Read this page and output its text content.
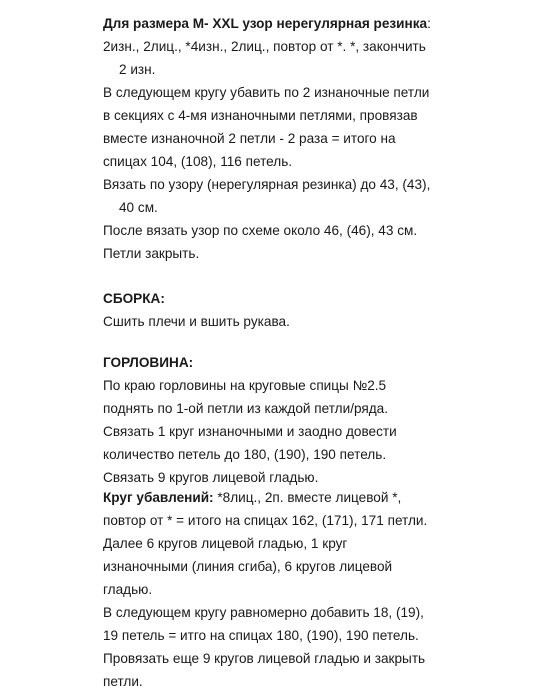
Для размера М- XXL узор нерегулярная резинка:
2изн., 2лиц., *4изн., 2лиц., повтор от *. *, закончить
2 изн.
В следующем кругу убавить по 2 изнаночные петли
в секциях с 4-мя изнаночными петлями, провязав
вместе изнаночной 2 петли - 2 раза = итого на
спицах 104, (108), 116 петель.
Вязать по узору (нерегулярная резинка) до 43, (43),
40 см.
После вязать узор по схеме около 46, (46), 43 см.
Петли закрыть.
СБОРКА:
Сшить плечи и вшить рукава.
ГОРЛОВИНА:
По краю горловины на круговые спицы №2.5
поднять по 1-ой петли из каждой петли/ряда.
Связать 1 круг изнаночными и заодно довести
количество петель до 180, (190), 190 петель.
Связать 9 кругов лицевой гладью.
Круг убавлений: *8лиц., 2п. вместе лицевой *,
повтор от * = итого на спицах 162, (171), 171 петли.
Далее 6 кругов лицевой гладью, 1 круг
изнаночными (линия сгиба), 6 кругов лицевой
гладью.
В следующем кругу равномерно добавить 18, (19),
19 петель = итго на спицах 180, (190), 190 петель.
Провязать еще 9 кругов лицевой гладью и закрыть
петли.
